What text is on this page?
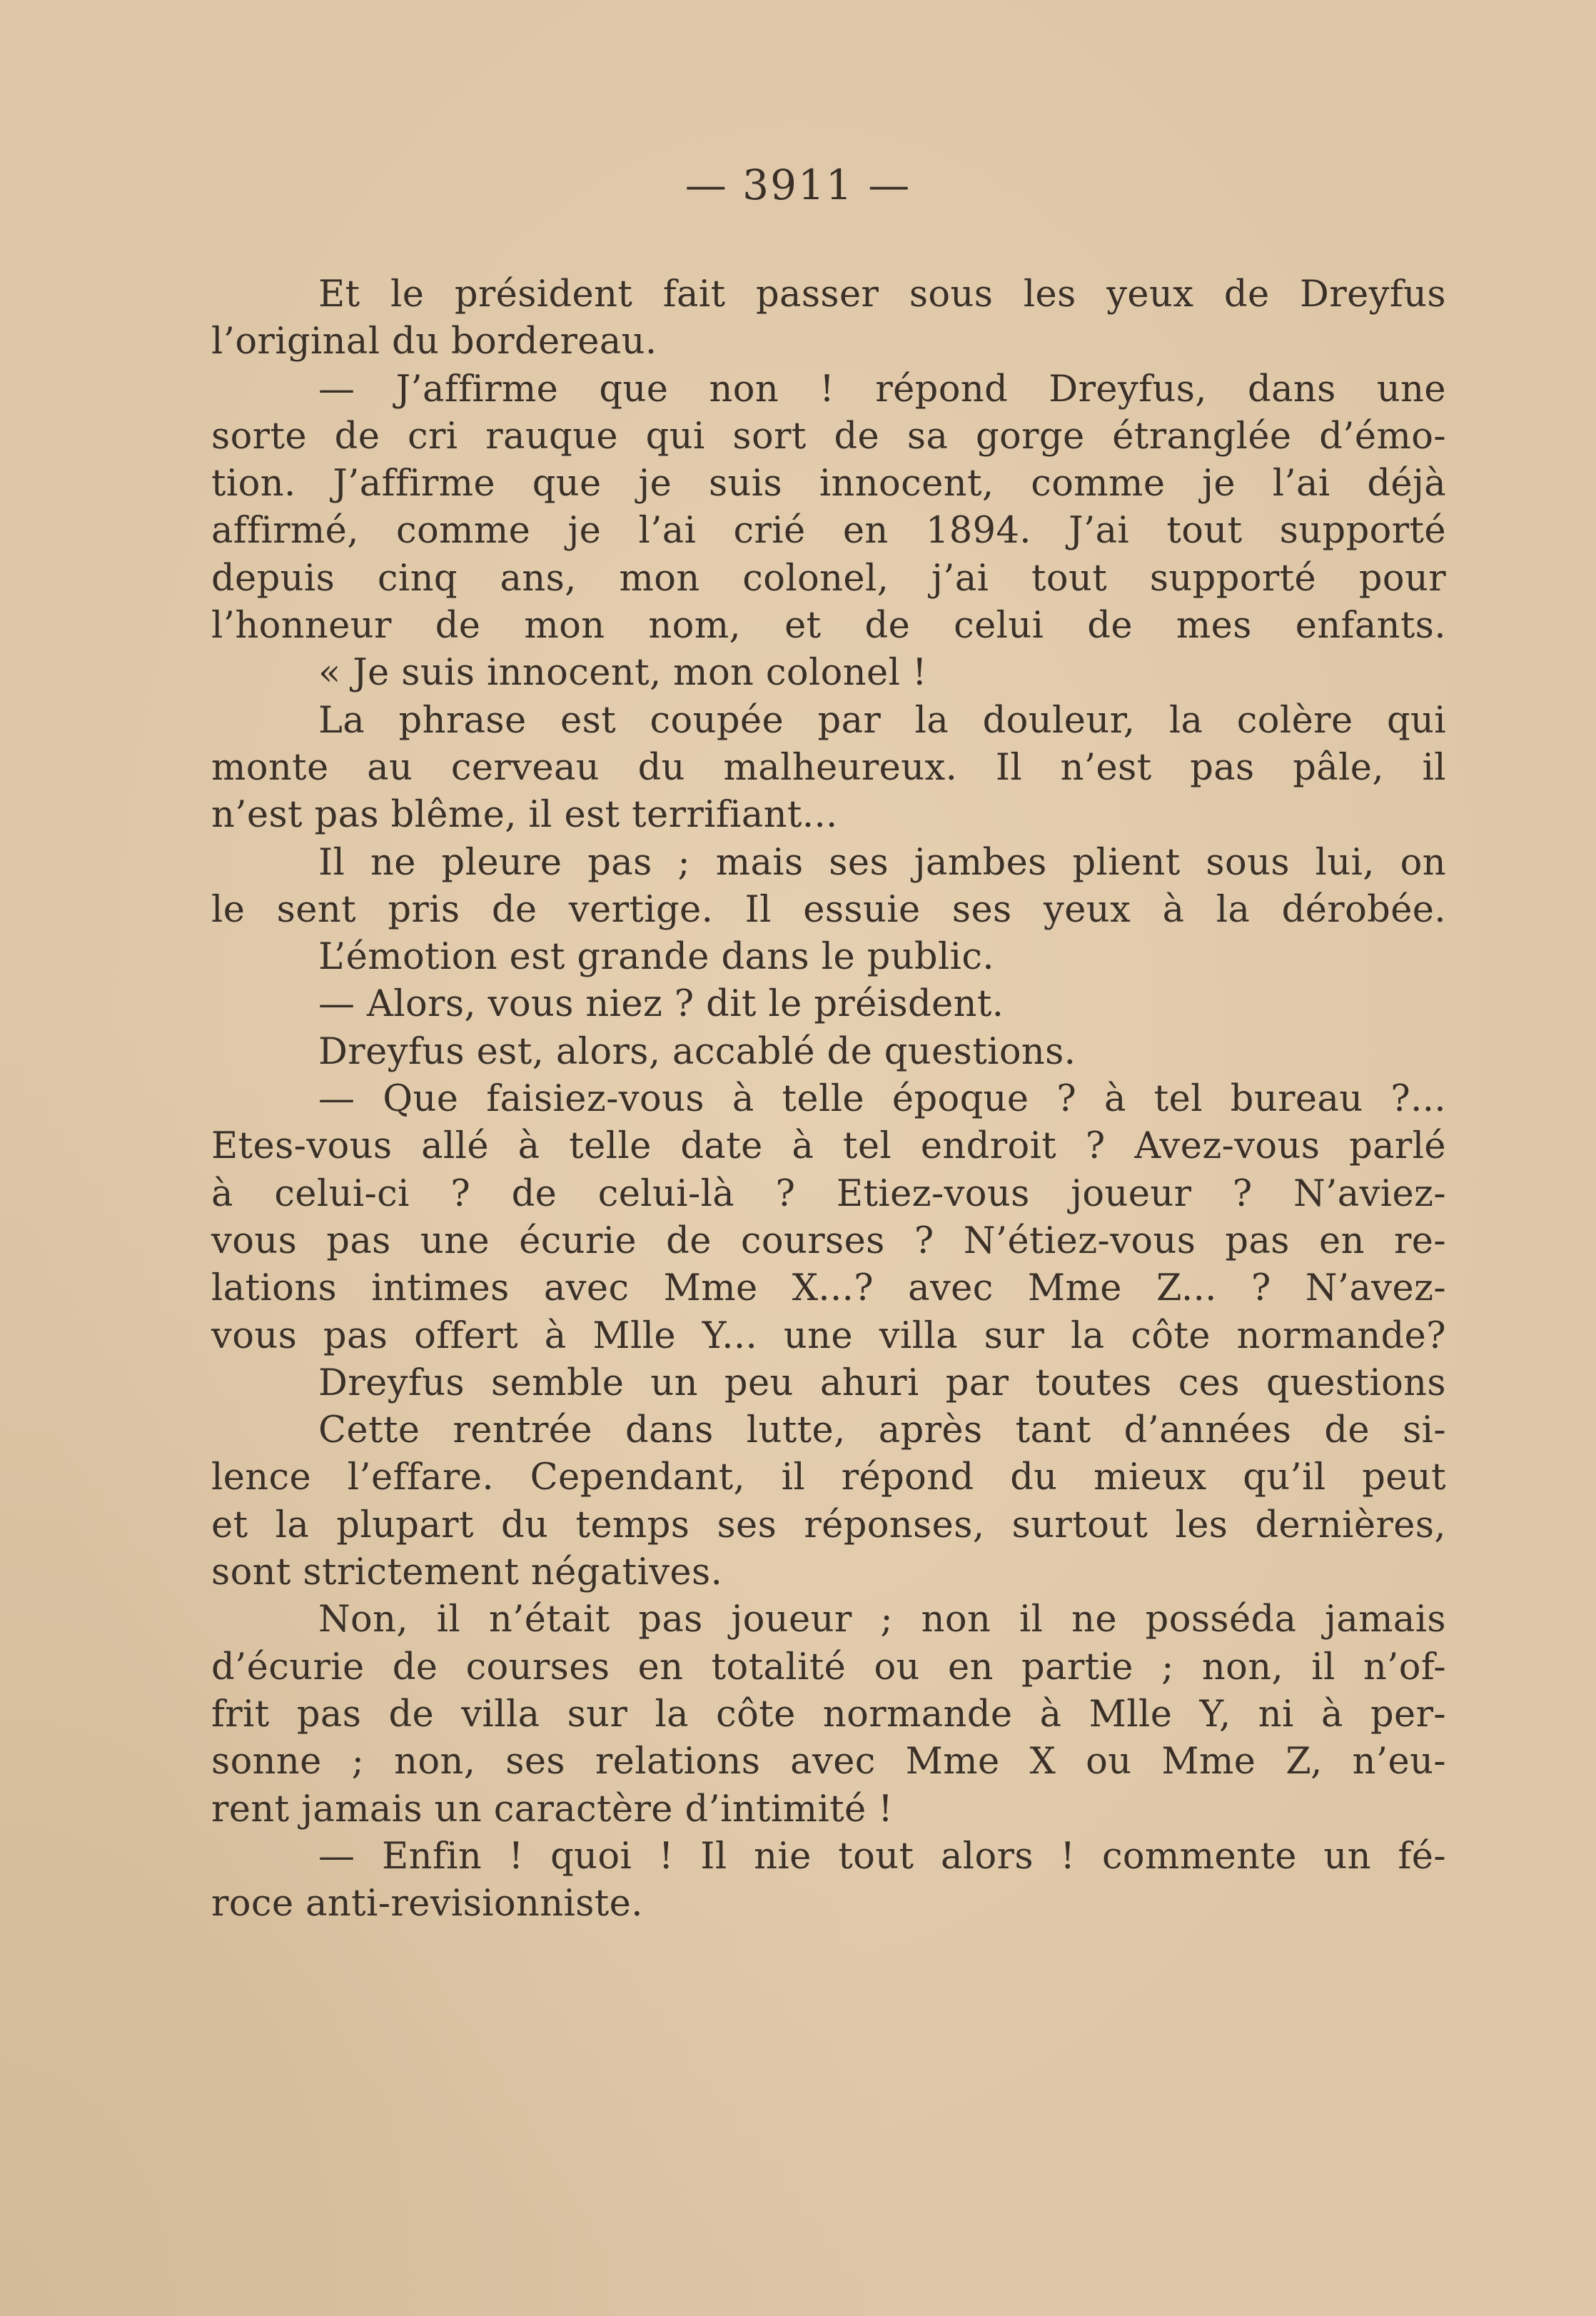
— 3911 —
Et le président fait passer sous les yeux de Dreyfus
l’original du bordereau.
— J’affirme que non ! répond Dreyfus, dans une
sorte de cri rauque qui sort de sa gorge étranglée d’émo-
tion. J’affirme que je suis innocent, comme je l’ai déjà
affirmé, comme je l’ai crié en 1894. J’ai tout supporté
depuis cinq ans, mon colonel, j’ai tout supporté pour
l’honneur de mon nom, et de celui de mes enfants.
« Je suis innocent, mon colonel !
La phrase est coupée par la douleur, la colère qui
monte au cerveau du malheureux. Il n’est pas pâle, il
n’est pas blême, il est terrifiant...
Il ne pleure pas ; mais ses jambes plient sous lui, on
le sent pris de vertige. Il essuie ses yeux à la dérobée.
L’émotion est grande dans le public.
— Alors, vous niez ? dit le préisdent.
Dreyfus est, alors, accablé de questions.
— Que faisiez-vous à telle époque ? à tel bureau ?...
Etes-vous allé à telle date à tel endroit ? Avez-vous parlé
à celui-ci ? de celui-là ? Etiez-vous joueur ? N’aviez-
vous pas une écurie de courses ? N’étiez-vous pas en re-
lations intimes avec Mme X...? avec Mme Z... ? N’avez-
vous pas offert à Mlle Y... une villa sur la côte normande?
Dreyfus semble un peu ahuri par toutes ces questions
Cette rentrée dans lutte, après tant d’années de si-
lence l’effare. Cependant, il répond du mieux qu’il peut
et la plupart du temps ses réponses, surtout les dernières,
sont strictement négatives.
Non, il n’était pas joueur ; non il ne posséda jamais
d’écurie de courses en totalité ou en partie ; non, il n’of-
frit pas de villa sur la côte normande à Mlle Y, ni à per-
sonne ; non, ses relations avec Mme X ou Mme Z, n’eu-
rent jamais un caractère d’intimité !
— Enfin ! quoi ! Il nie tout alors ! commente un fé-
roce anti-revisionniste.
